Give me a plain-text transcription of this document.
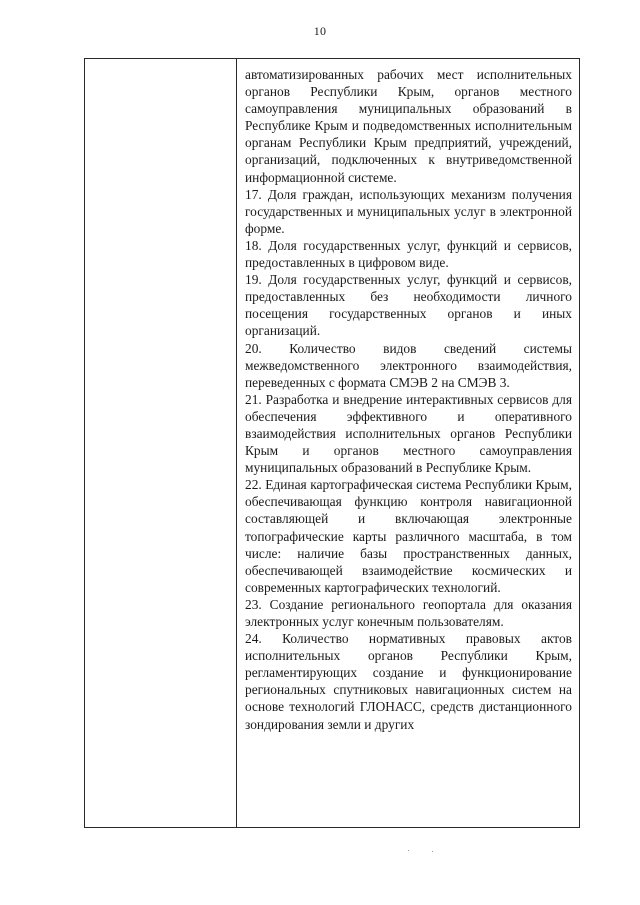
10

автоматизированных рабочих мест исполнительных органов Республики Крым, органов местного самоуправления муниципальных образований в Республике Крым и подведомственных исполнительным органам Республики Крым предприятий, учреждений, организаций, подключенных к внутриведомственной информационной системе.

17. Доля граждан, использующих механизм получения государственных и муниципальных услуг в электронной форме.

18. Доля государственных услуг, функций и сервисов, предоставленных в цифровом виде.

19. Доля государственных услуг, функций и сервисов, предоставленных без необходимости личного посещения государственных органов и иных организаций.

20. Количество видов сведений системы межведомственного электронного взаимодействия, переведенных с формата СМЭВ 2 на СМЭВ 3.

21. Разработка и внедрение интерактивных сервисов для обеспечения эффективного и оперативного взаимодействия исполнительных органов Республики Крым и органов местного самоуправления муниципальных образований в Республике Крым.

22. Единая картографическая система Республики Крым, обеспечивающая функцию контроля навигационной составляющей и включающая электронные топографические карты различного масштаба, в том числе: наличие базы пространственных данных, обеспечивающей взаимодействие космических и современных картографических технологий.

23. Создание регионального геопортала для оказания электронных услуг конечным пользователям.

24. Количество нормативных правовых актов исполнительных органов Республики Крым, регламентирующих создание и функционирование региональных спутниковых навигационных систем на основе технологий ГЛОНАСС, средств дистанционного зондирования земли и других
